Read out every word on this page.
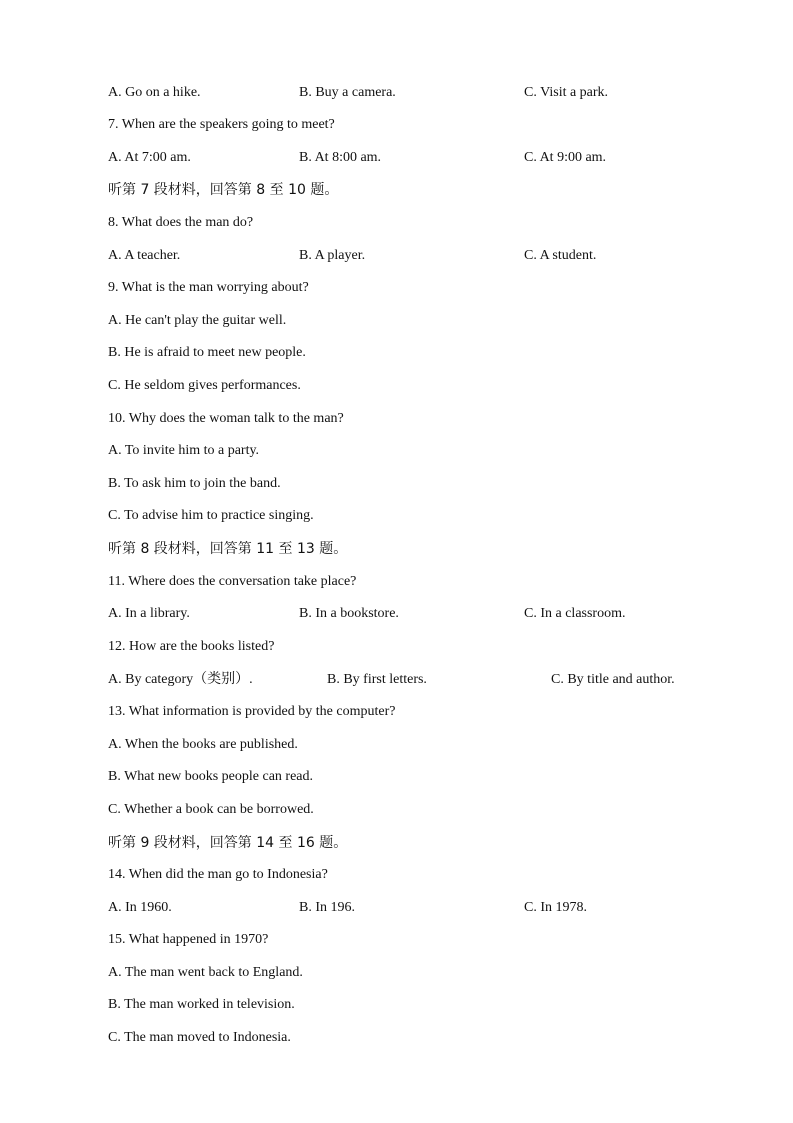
A. Go on a hike.	B. Buy a camera.	C. Visit a park.
7. When are the speakers going to meet?
A. At 7:00 am.	B. At 8:00 am.	C. At 9:00 am.
听第 7 段材料，回答第 8 至 10 题。
8. What does the man do?
A. A teacher.	B. A player.	C. A student.
9. What is the man worrying about?
A. He can't play the guitar well.
B. He is afraid to meet new people.
C. He seldom gives performances.
10. Why does the woman talk to the man?
A. To invite him to a party.
B. To ask him to join the band.
C. To advise him to practice singing.
听第 8 段材料，回答第 11 至 13 题。
11. Where does the conversation take place?
A. In a library.	B. In a bookstore.	C. In a classroom.
12. How are the books listed?
A. By category（类别）.	B. By first letters.	C. By title and author.
13. What information is provided by the computer?
A. When the books are published.
B. What new books people can read.
C. Whether a book can be borrowed.
听第 9 段材料，回答第 14 至 16 题。
14. When did the man go to Indonesia?
A. In 1960.	B. In 196.	C. In 1978.
15. What happened in 1970?
A. The man went back to England.
B. The man worked in television.
C. The man moved to Indonesia.
